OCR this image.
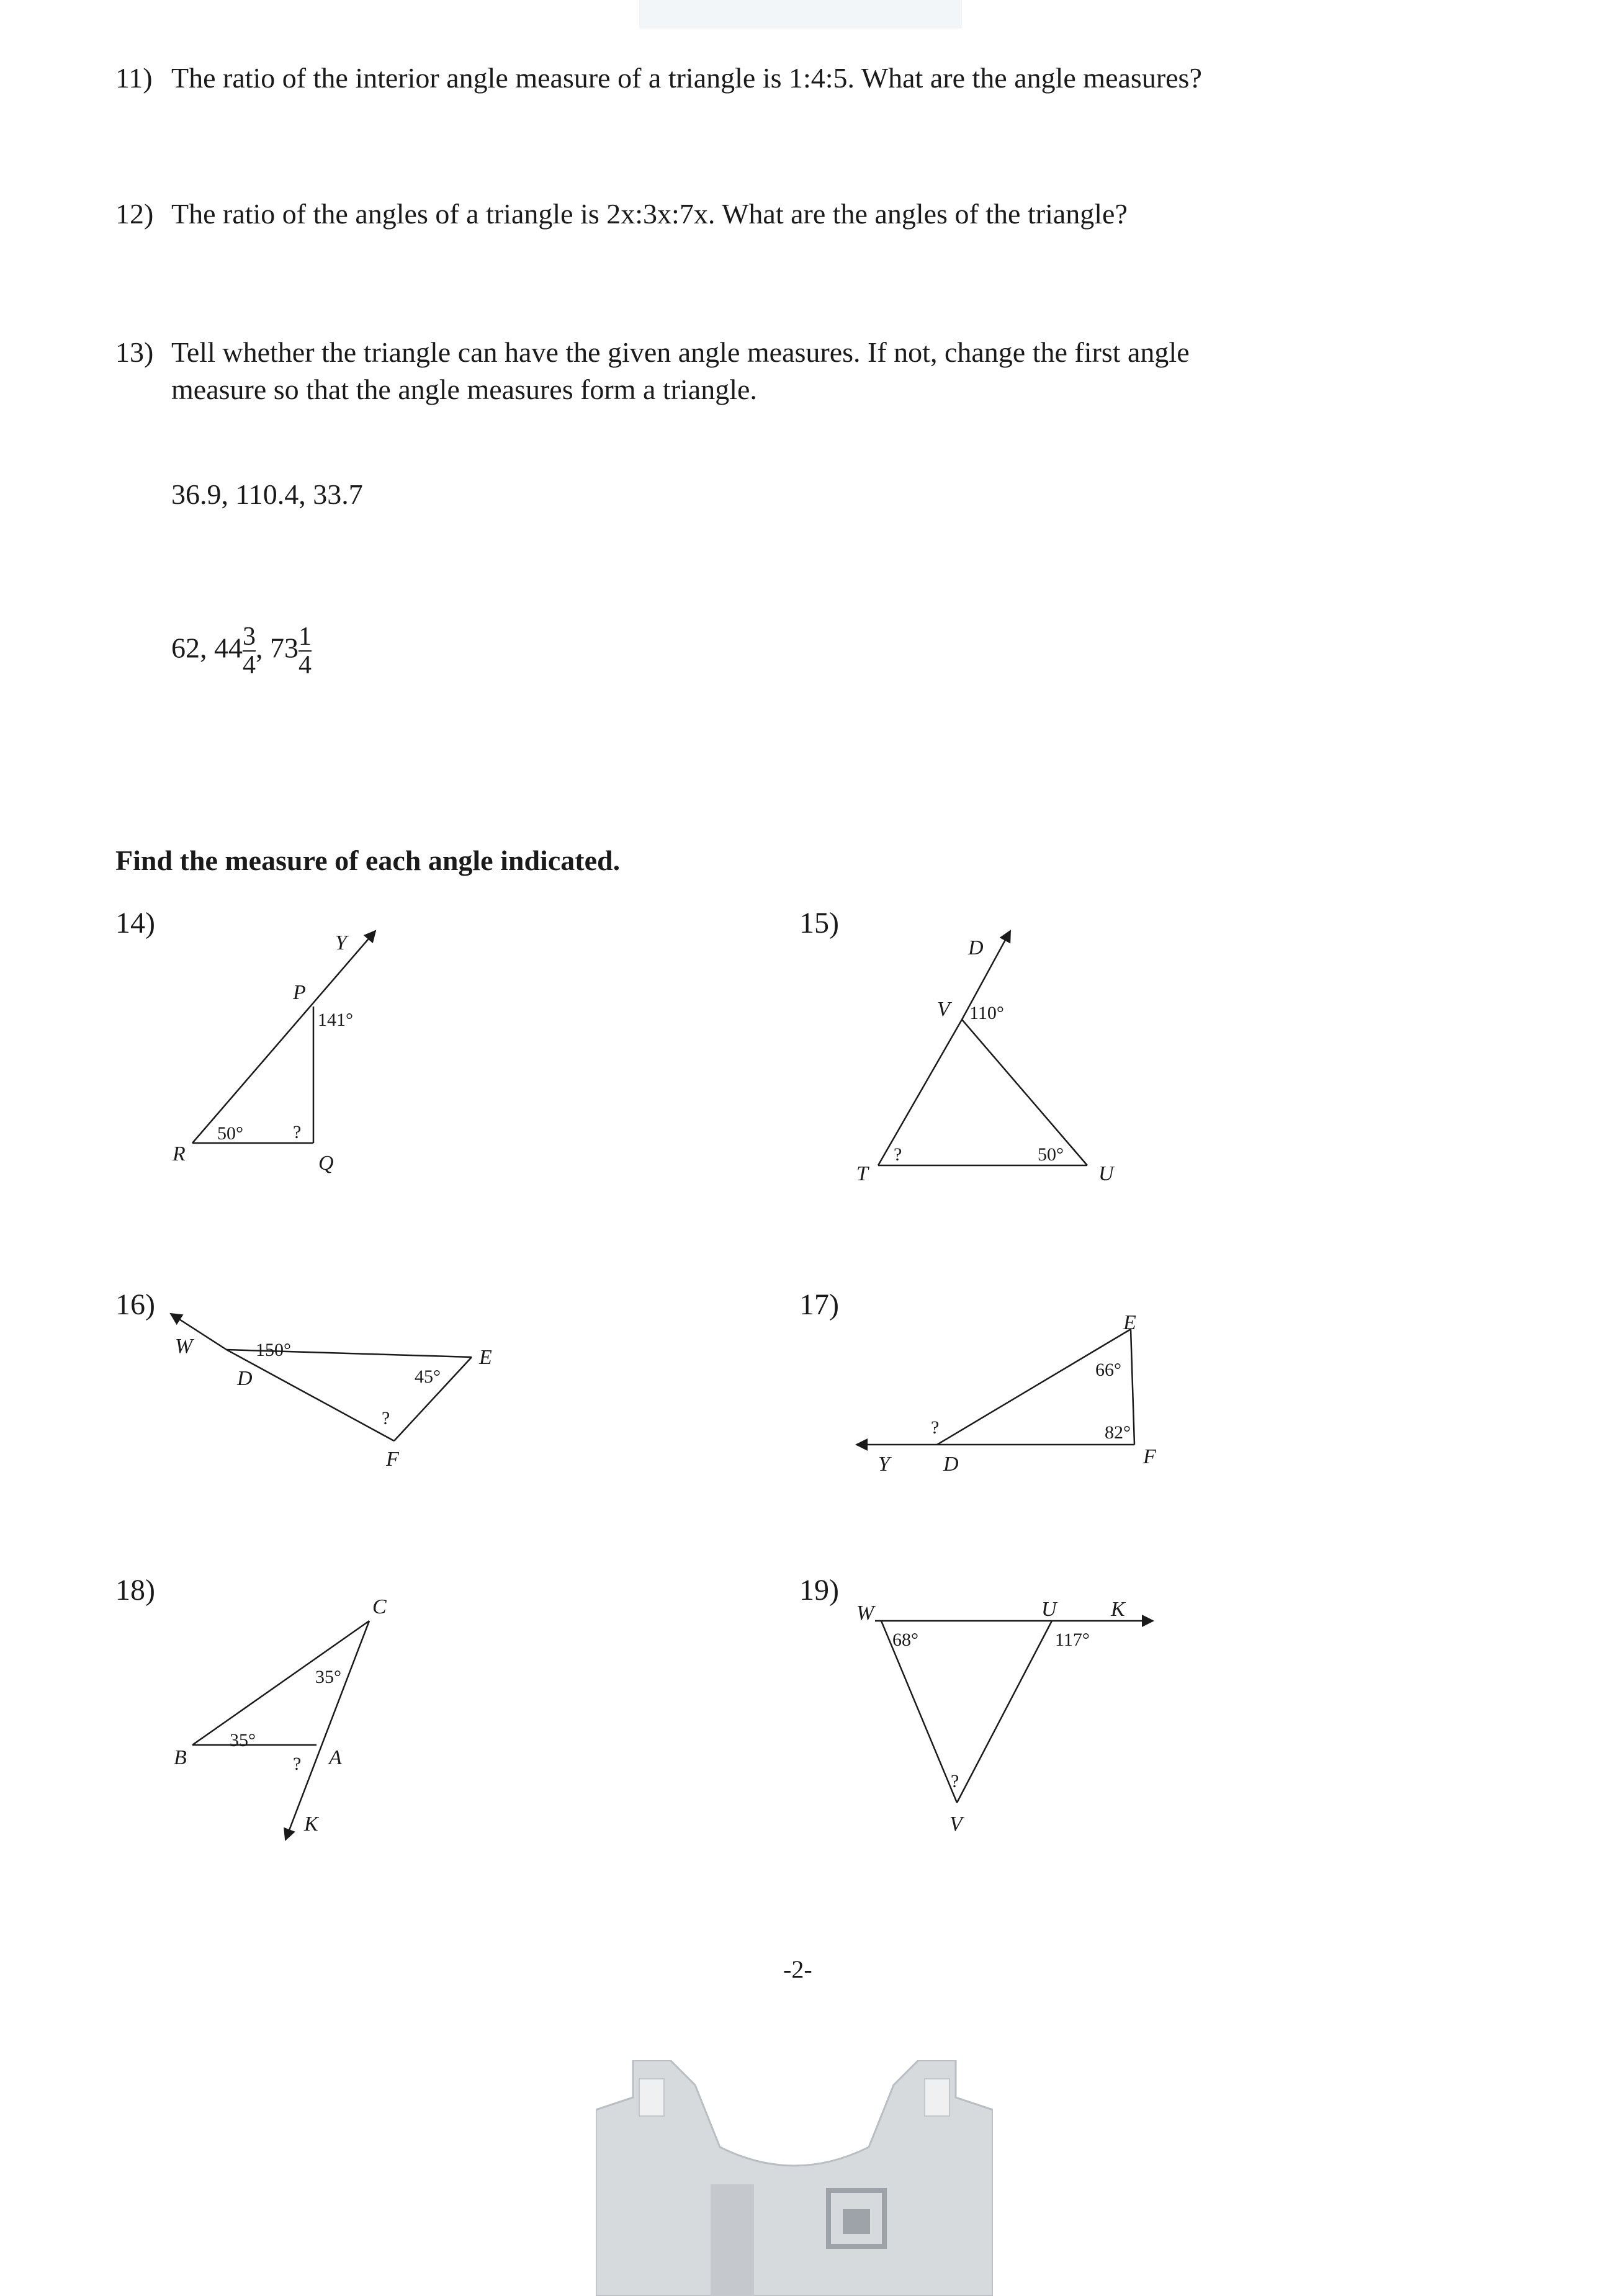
11) The ratio of the interior angle measure of a triangle is 1:4:5. What are the angle measures?
12) The ratio of the angles of a triangle is 2x:3x:7x. What are the angles of the triangle?
13) Tell whether the triangle can have the given angle measures. If not, change the first angle
measure so that the angle measures form a triangle.
36.9, 110.4, 33.7
62, $44 \frac{3}{4}$ , $73 \frac{1}{4}$
Find the measure of each angle indicated.
14)	15)
16)	17)
18)	19)
Y
P
R	Q
141°
50°	?
D
V
T	U
110°
50°
?
W
D
E
F
150°
45°
?
E
Y	D	F
66°
82°
?
C
B	A
K
35°
35°
?
W	U	K
V
68°	117°
?
-2-
